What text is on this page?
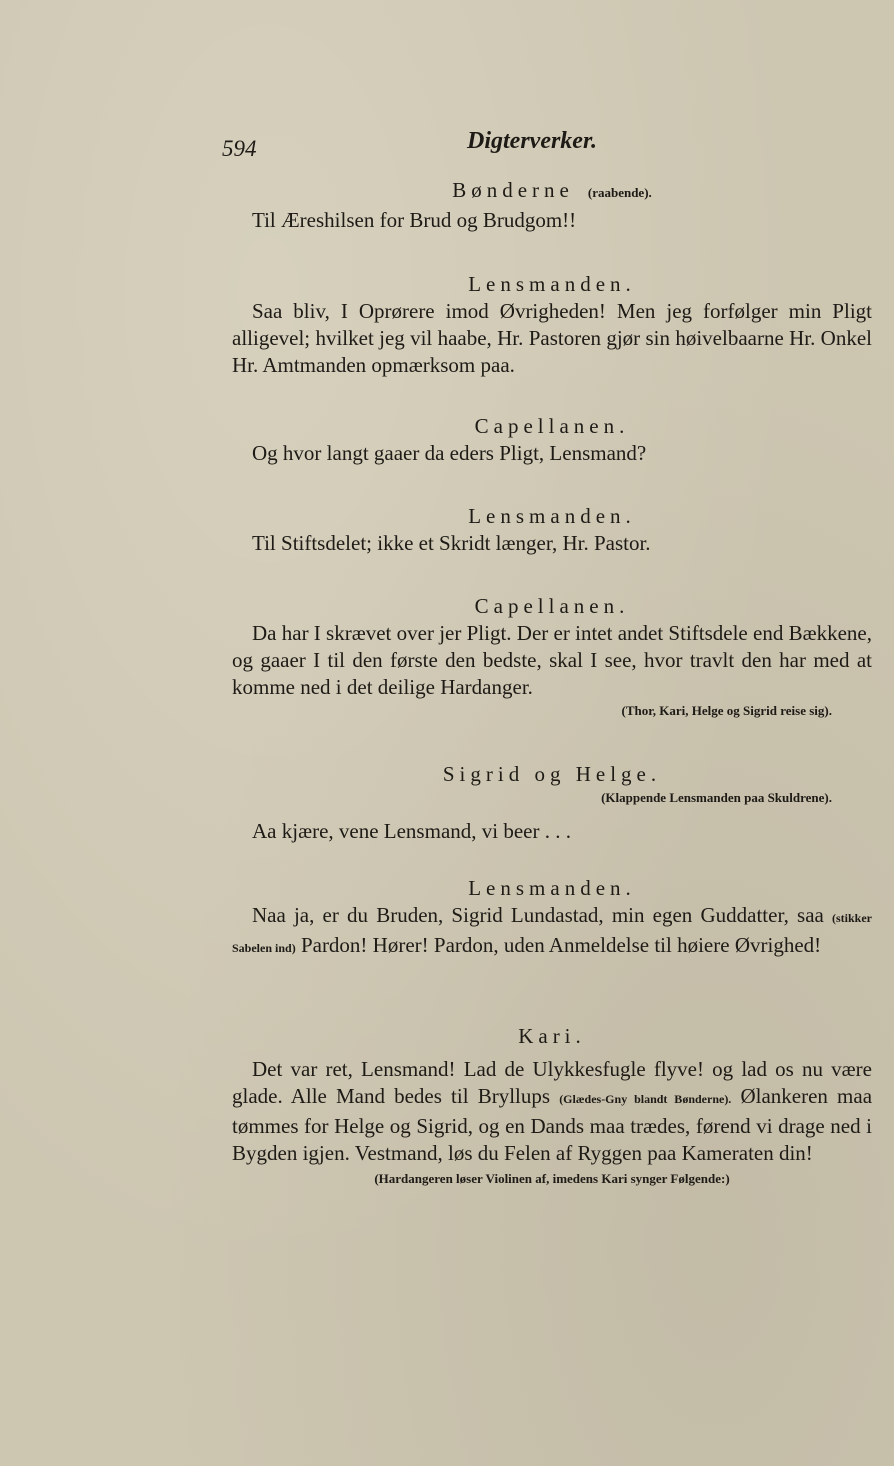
594	Digterverker.
Bønderne (raabende).
Til Æreshilsen for Brud og Brudgom!!
Lensmanden.
Saa bliv, I Oprørere imod Øvrigheden! Men jeg forfølger min Pligt alligevel; hvilket jeg vil haabe, Hr. Pastoren gjør sin høivelbaarne Hr. Onkel Hr. Amtmanden opmærksom paa.
Capellanen.
Og hvor langt gaaer da eders Pligt, Lensmand?
Lensmanden.
Til Stiftsdelet; ikke et Skridt længer, Hr. Pastor.
Capellanen.
Da har I skrævet over jer Pligt. Der er intet andet Stiftsdele end Bækkene, og gaaer I til den første den bedste, skal I see, hvor travlt den har med at komme ned i det deilige Hardanger.
(Thor, Kari, Helge og Sigrid reise sig).
Sigrid og Helge.
(Klappende Lensmanden paa Skuldrene).
Aa kjære, vene Lensmand, vi beer . . .
Lensmanden.
Naa ja, er du Bruden, Sigrid Lundastad, min egen Guddatter, saa (stikker Sabelen ind) Pardon! Hører! Pardon, uden Anmeldelse til høiere Øvrighed!
Kari.
Det var ret, Lensmand! Lad de Ulykkesfugle flyve! og lad os nu være glade. Alle Mand bedes til Bryllups (Glædes-Gny blandt Bønderne). Ølankeren maa tømmes for Helge og Sigrid, og en Dands maa trædes, førend vi drage ned i Bygden igjen. Vestmand, løs du Felen af Ryggen paa Kameraten din!
(Hardangeren løser Violinen af, imedens Kari synger Følgende:)
